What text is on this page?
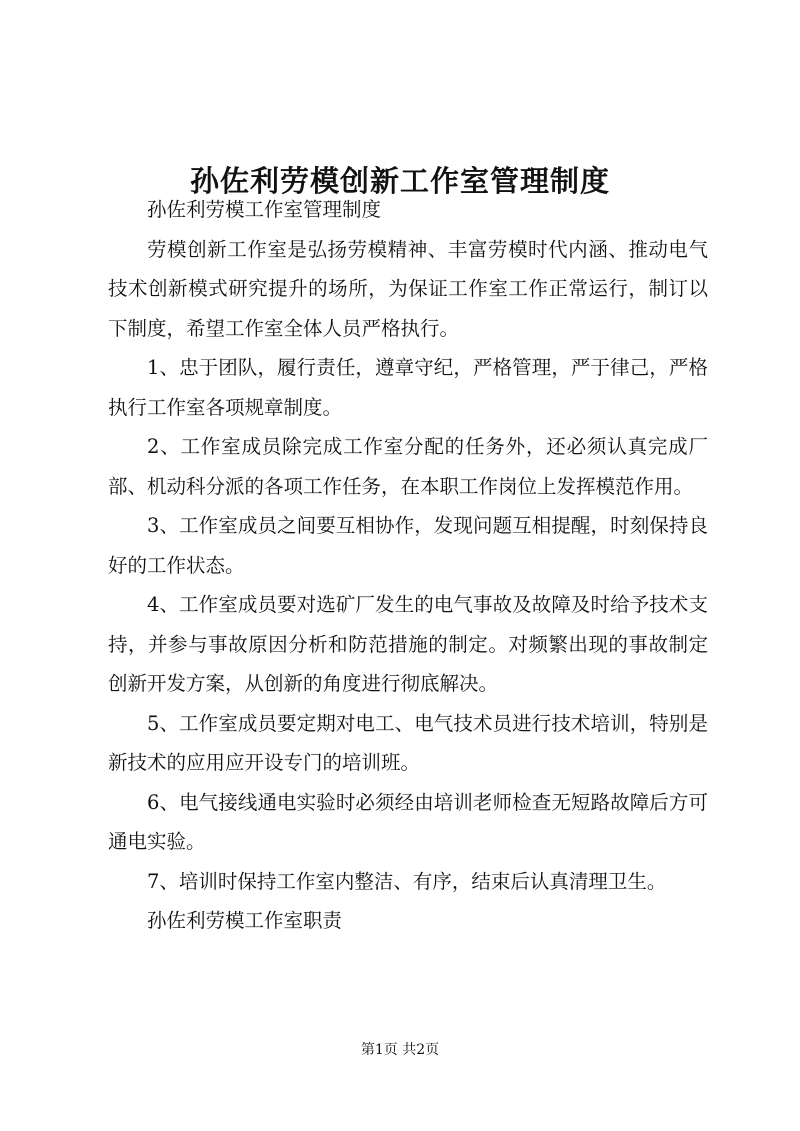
孙佐利劳模创新工作室管理制度

孙佐利劳模工作室管理制度

劳模创新工作室是弘扬劳模精神、丰富劳模时代内涵、推动电气技术创新模式研究提升的场所，为保证工作室工作正常运行，制订以下制度，希望工作室全体人员严格执行。

1、忠于团队，履行责任，遵章守纪，严格管理，严于律己，严格执行工作室各项规章制度。

2、工作室成员除完成工作室分配的任务外，还必须认真完成厂部、机动科分派的各项工作任务，在本职工作岗位上发挥模范作用。

3、工作室成员之间要互相协作，发现问题互相提醒，时刻保持良好的工作状态。

4、工作室成员要对选矿厂发生的电气事故及故障及时给予技术支持，并参与事故原因分析和防范措施的制定。对频繁出现的事故制定创新开发方案，从创新的角度进行彻底解决。

5、工作室成员要定期对电工、电气技术员进行技术培训，特别是新技术的应用应开设专门的培训班。

6、电气接线通电实验时必须经由培训老师检查无短路故障后方可通电实验。

7、培训时保持工作室内整洁、有序，结束后认真清理卫生。

孙佐利劳模工作室职责

第1页 共2页
